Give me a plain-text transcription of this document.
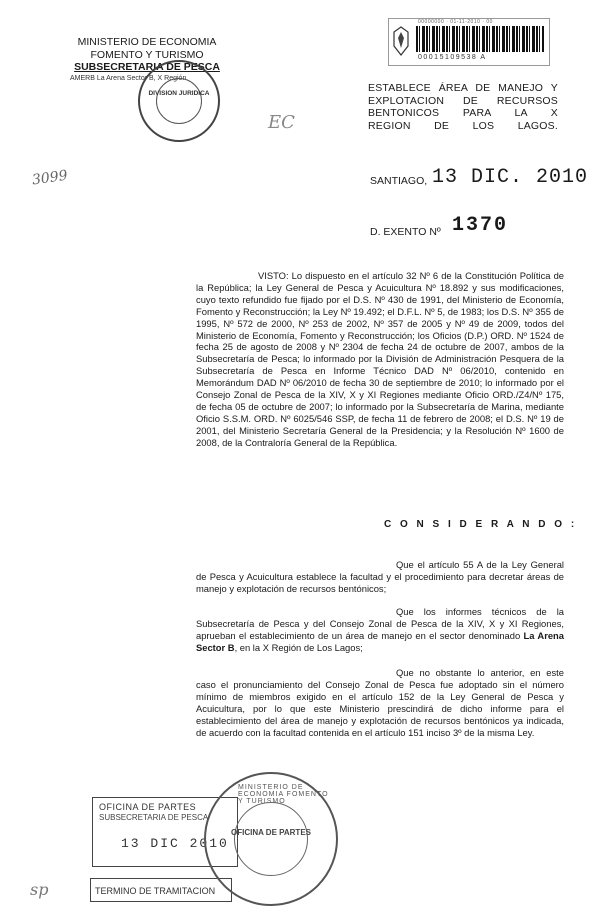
MINISTERIO DE ECONOMIA
FOMENTO Y TURISMO
SUBSECRETARIA DE PESCA
AMERB La Arena Sector B, X Región
DIVISION JURIDICA
00000000 · 01-11-2010 · 00
00015109538 A
ESTABLECE ÁREA DE MANEJO Y
EXPLOTACION DE RECURSOS
BENTONICOS PARA LA X
REGION DE LOS LAGOS.
EC
3099	SANTIAGO, 13 DIC. 2010
D. EXENTO Nº 1370
VISTO: Lo dispuesto en el artículo 32 Nº 6 de la Constitución Política de la República; la Ley General de Pesca y Acuicultura Nº 18.892 y sus modificaciones, cuyo texto refundido fue fijado por el D.S. Nº 430 de 1991, del Ministerio de Economía, Fomento y Reconstrucción; la Ley Nº 19.492; el D.F.L. Nº 5, de 1983; los D.S. Nº 355 de 1995, Nº 572 de 2000, Nº 253 de 2002, Nº 357 de 2005 y Nº 49 de 2009, todos del Ministerio de Economía, Fomento y Reconstrucción; los Oficios (D.P.) ORD. Nº 1524 de fecha 25 de agosto de 2008 y Nº 2304 de fecha 24 de octubre de 2007, ambos de la Subsecretaría de Pesca; lo informado por la División de Administración Pesquera de la Subsecretaría de Pesca en Informe Técnico DAD Nº 06/2010, contenido en Memorándum DAD Nº 06/2010 de fecha 30 de septiembre de 2010; lo informado por el Consejo Zonal de Pesca de la XIV, X y XI Regiones mediante Oficio ORD./Z4/Nº 175, de fecha 05 de octubre de 2007; lo informado por la Subsecretaría de Marina, mediante Oficio S.S.M. ORD. Nº 6025/546 SSP, de fecha 11 de febrero de 2008; el D.S. Nº 19 de 2001, del Ministerio Secretaría General de la Presidencia; y la Resolución Nº 1600 de 2008, de la Contraloría General de la República.
C O N S I D E R A N D O :
Que el artículo 55 A de la Ley General de Pesca y Acuicultura establece la facultad y el procedimiento para decretar áreas de manejo y explotación de recursos bentónicos;
Que los informes técnicos de la Subsecretaría de Pesca y del Consejo Zonal de Pesca de la XIV, X y XI Regiones, aprueban el establecimiento de un área de manejo en el sector denominado La Arena Sector B, en la X Región de Los Lagos;
Que no obstante lo anterior, en este caso el pronunciamiento del Consejo Zonal de Pesca fue adoptado sin el número mínimo de miembros exigido en el artículo 152 de la Ley General de Pesca y Acuicultura, por lo que este Ministerio prescindirá de dicho informe para el establecimiento del área de manejo y explotación de recursos bentónicos ya indicada, de acuerdo con la facultad contenida en el artículo 151 inciso 3º de la misma Ley.
OFICINA DE PARTES
SUBSECRETARIA DE PESCA
13 DIC 2010
TERMINO DE TRAMITACION
MINISTERIO DE ECONOMIA FOMENTO Y TURISMO
OFICINA DE PARTES
sp
